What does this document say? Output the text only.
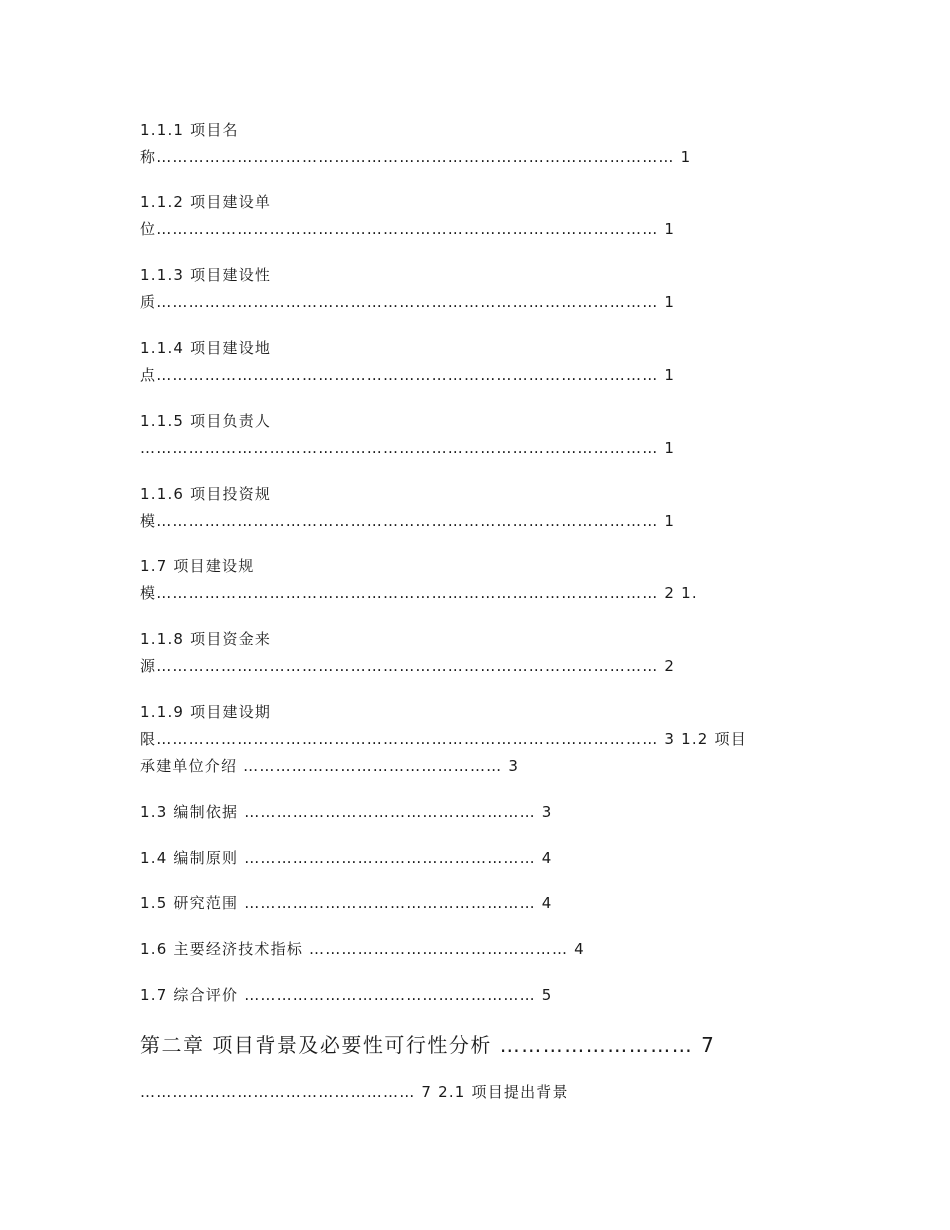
1.1.1 项目名
称…………………………………………………………………………………… 1
1.1.2 项目建设单
位………………………………………………………………………………… 1
1.1.3 项目建设性
质………………………………………………………………………………… 1
1.1.4 项目建设地
点………………………………………………………………………………… 1
1.1.5 项目负责人
…………………………………………………………………………………… 1
1.1.6 项目投资规
模………………………………………………………………………………… 1
1.7 项目建设规
模………………………………………………………………………………… 2 1.
1.1.8 项目资金来
源………………………………………………………………………………… 2
1.1.9 项目建设期
限………………………………………………………………………………… 3 1.2 项目
承建单位介绍 ………………………………………… 3
1.3 编制依据 ……………………………………………… 3
1.4 编制原则 ……………………………………………… 4
1.5 研究范围 ……………………………………………… 4
1.6 主要经济技术指标 ………………………………………… 4
1.7 综合评价 ……………………………………………… 5
第二章 项目背景及必要性可行性分析 ……………………… 7
…………………………………………… 7 2.1 项目提出背景
